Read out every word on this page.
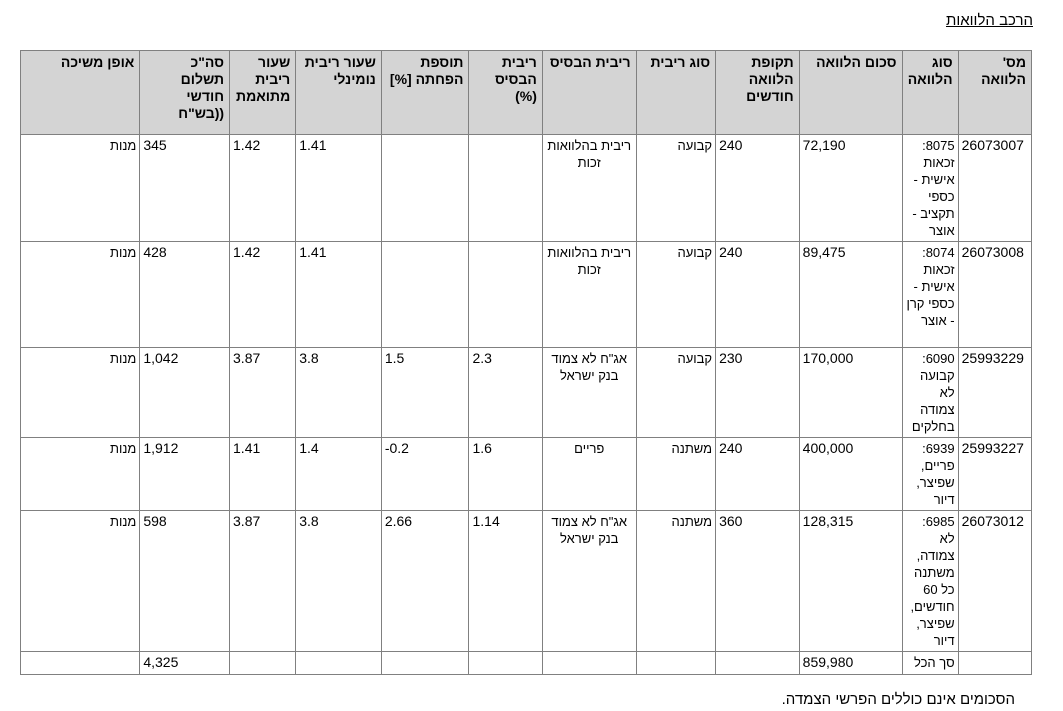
הרכב הלוואות
מס' הלוואה	סוג הלוואה	סכום הלוואה	תקופת הלוואה חודשים	סוג ריבית	ריבית הבסיס	ריבית הבסיס (%)	תוספת הפחתה [%]	שעור ריבית נומינלי	שעור ריבית מתואמת	סה"כ תשלום חודשי ((בש"ח	אופן משיכה
26073007	8075: זכאות אישית - כספי תקציב - אוצר	72,190	240	קבועה	ריבית בהלוואות זכות			1.41	1.42	345	מנות
26073008	8074: זכאות אישית - כספי קרן - אוצר	89,475	240	קבועה	ריבית בהלוואות זכות			1.41	1.42	428	מנות
25993229	6090: קבועה לא צמודה בחלקים	170,000	230	קבועה	אג"ח לא צמוד בנק ישראל	2.3	1.5	3.8	3.87	1,042	מנות
25993227	6939: פריים, שפיצר, דיור	400,000	240	משתנה	פריים	1.6	-0.2	1.4	1.41	1,912	מנות
26073012	6985: לא צמודה, משתנה כל 60 חודשים, שפיצר, דיור	128,315	360	משתנה	אג"ח לא צמוד בנק ישראל	1.14	2.66	3.8	3.87	598	מנות
	סך הכל	859,980								4,325	
הסכומים אינם כוללים הפרשי הצמדה.
